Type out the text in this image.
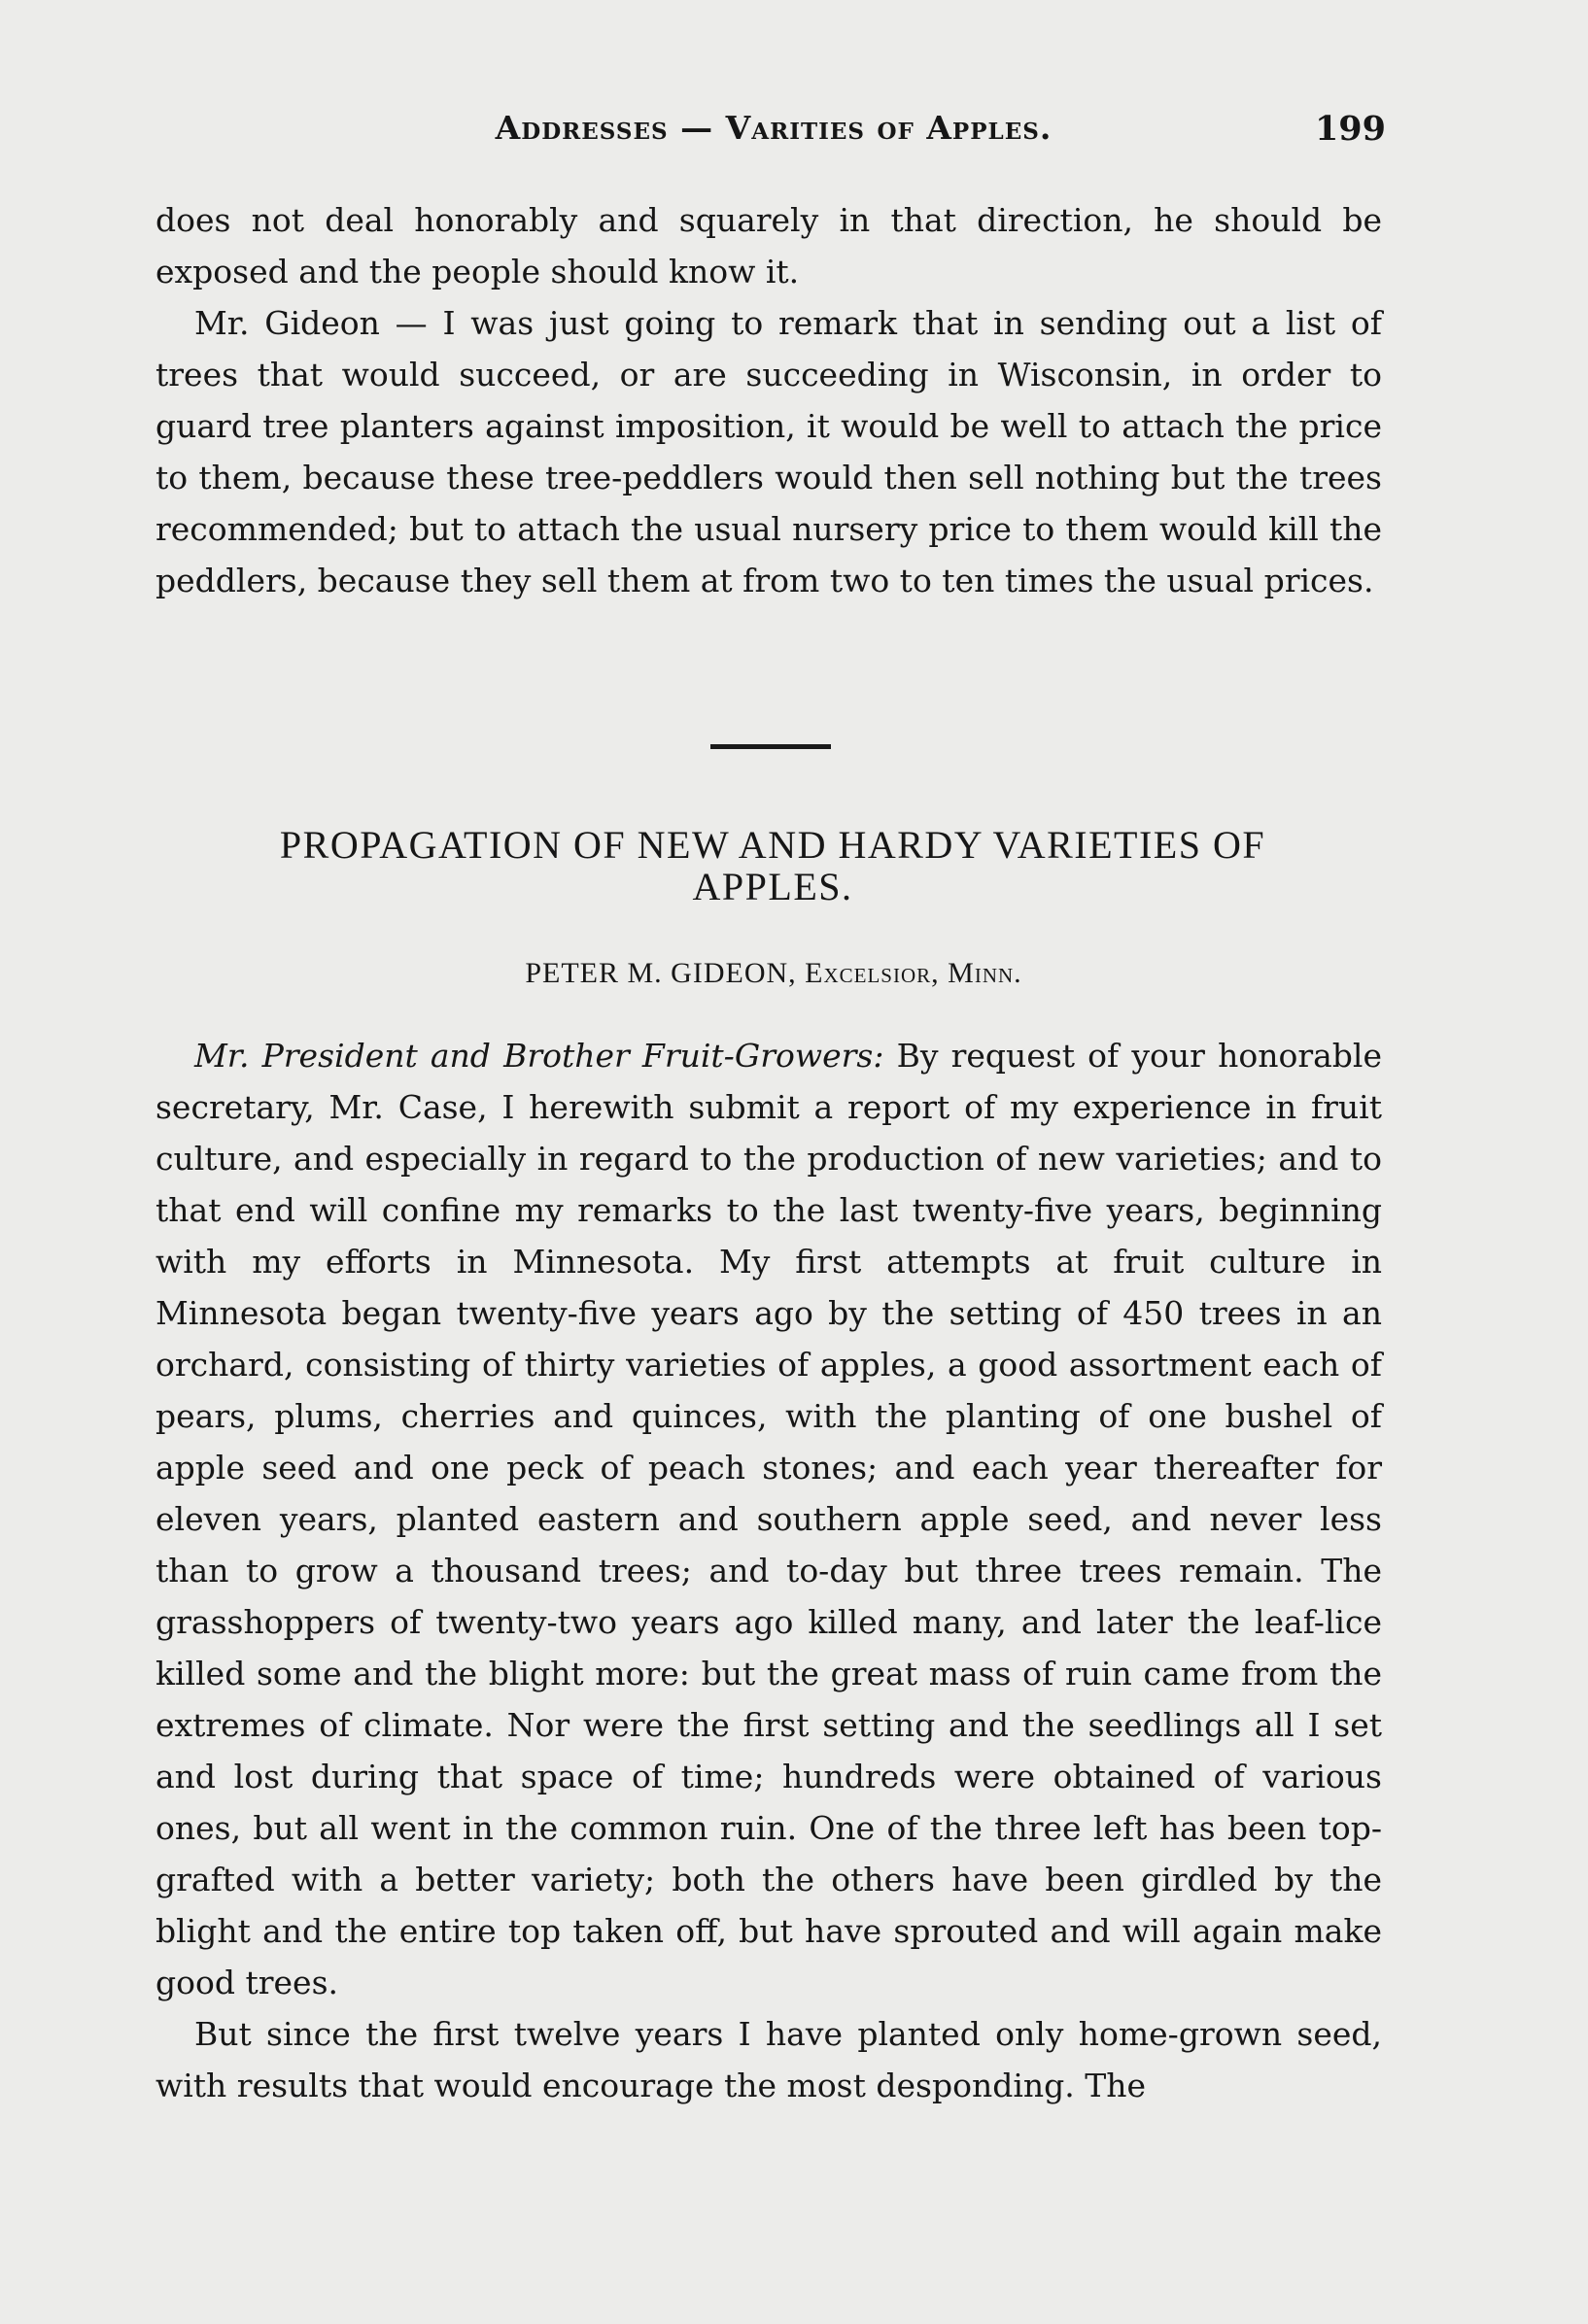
Addresses — Varities of Apples.	199

does not deal honorably and squarely in that direction, he should be exposed and the people should know it.

Mr. Gideon — I was just going to remark that in sending out a list of trees that would succeed, or are succeeding in Wisconsin, in order to guard tree planters against imposition, it would be well to attach the price to them, because these tree-peddlers would then sell nothing but the trees recommended; but to attach the usual nursery price to them would kill the peddlers, because they sell them at from two to ten times the usual prices.

PROPAGATION OF NEW AND HARDY VARIETIES OF
APPLES.
PETER M. GIDEON, Excelsior, Minn.

Mr. President and Brother Fruit-Growers: By request of your honorable secretary, Mr. Case, I herewith submit a report of my experience in fruit culture, and especially in regard to the production of new varieties; and to that end will confine my remarks to the last twenty-five years, beginning with my efforts in Minnesota. My first attempts at fruit culture in Minnesota began twenty-five years ago by the setting of 450 trees in an orchard, consisting of thirty varieties of apples, a good assortment each of pears, plums, cherries and quinces, with the planting of one bushel of apple seed and one peck of peach stones; and each year thereafter for eleven years, planted eastern and southern apple seed, and never less than to grow a thousand trees; and to-day but three trees remain. The grasshoppers of twenty-two years ago killed many, and later the leaf-lice killed some and the blight more: but the great mass of ruin came from the extremes of climate. Nor were the first setting and the seedlings all I set and lost during that space of time; hundreds were obtained of various ones, but all went in the common ruin. One of the three left has been top-grafted with a better variety; both the others have been girdled by the blight and the entire top taken off, but have sprouted and will again make good trees.

But since the first twelve years I have planted only home-grown seed, with results that would encourage the most desponding. The
